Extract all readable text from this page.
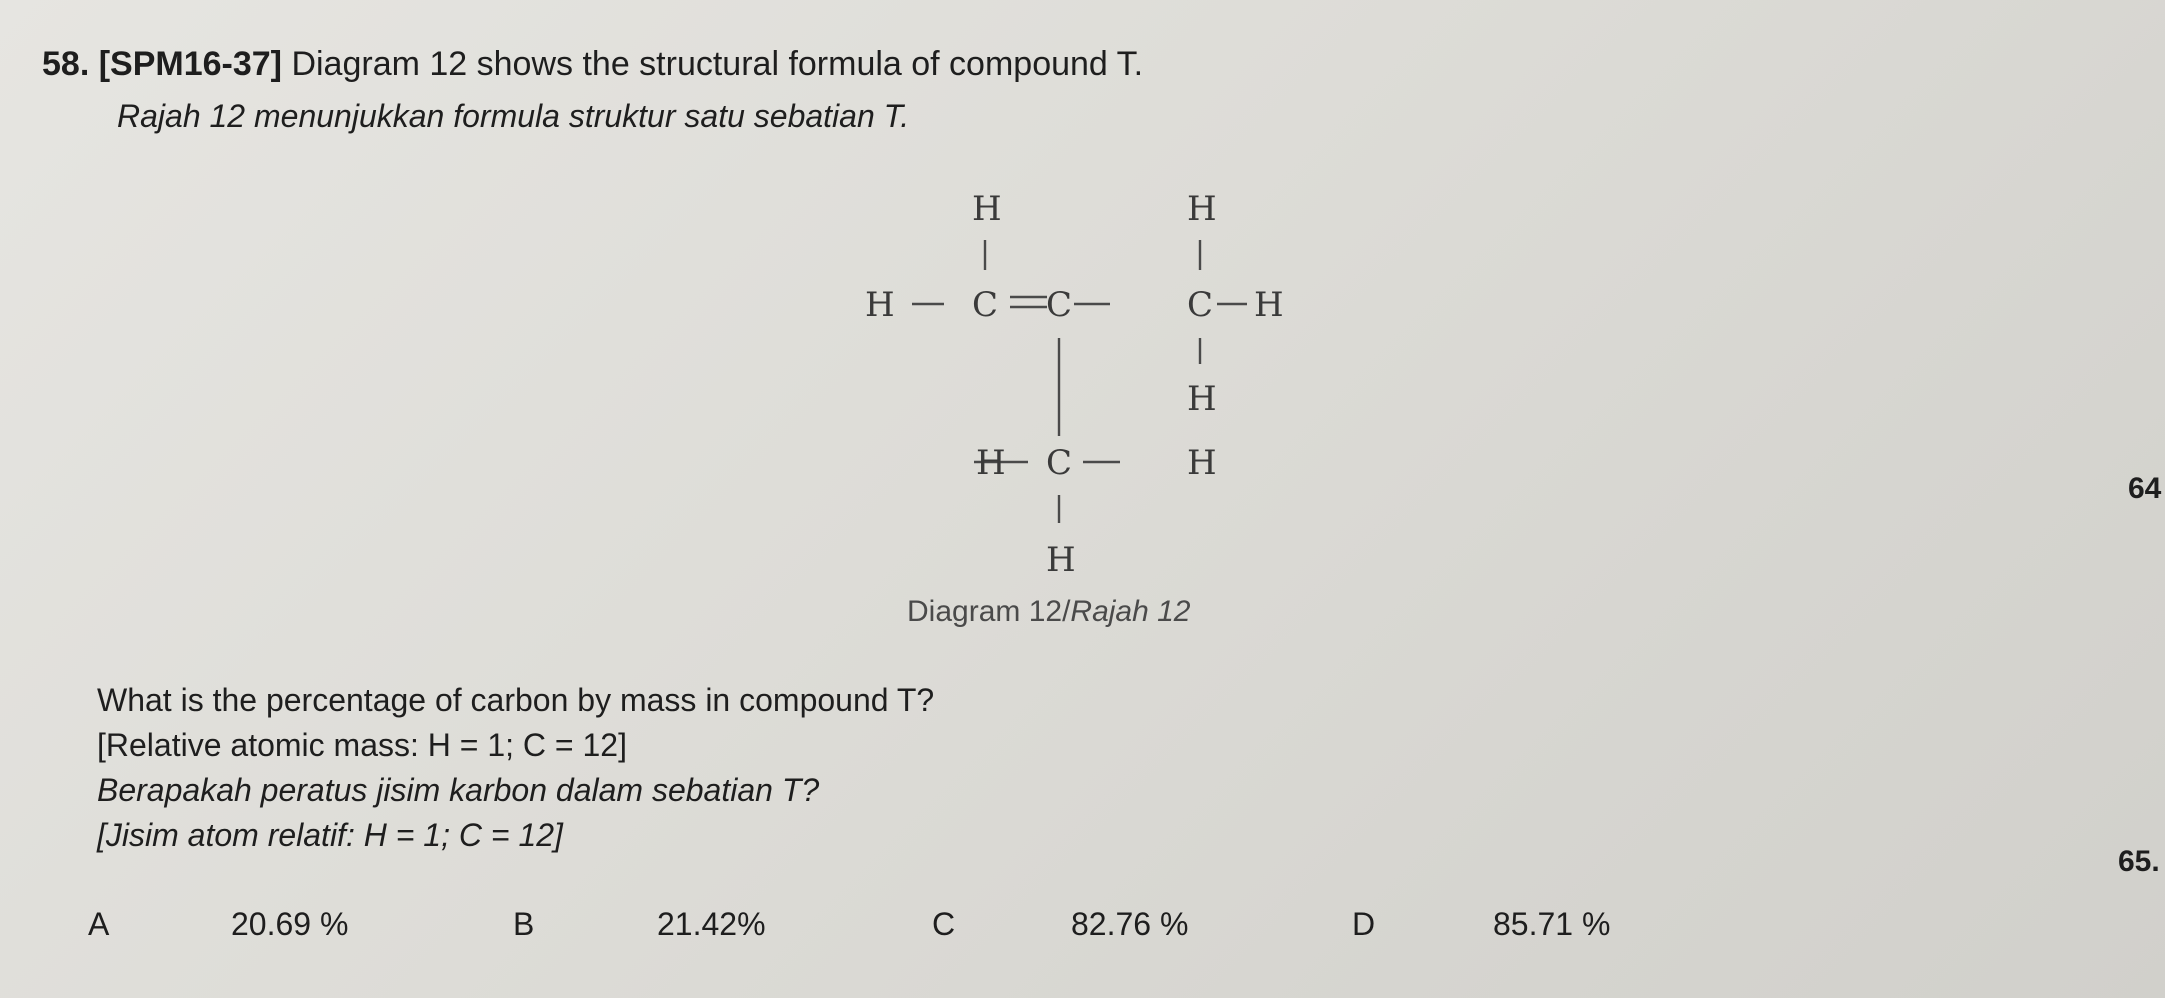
58. [SPM16-37] Diagram 12 shows the structural formula of compound T.
Rajah 12 menunjukkan formula struktur satu sebatian T.
H	H
H C C	C H
H
H C	H
H
Diagram 12/Rajah 12
64
65.
What is the percentage of carbon by mass in compound T?
[Relative atomic mass: H = 1; C = 12]
Berapakah peratus jisim karbon dalam sebatian T?
[Jisim atom relatif: H = 1; C = 12]
A	20.69 %	B	21.42%	C	82.76 %	D	85.71 %
